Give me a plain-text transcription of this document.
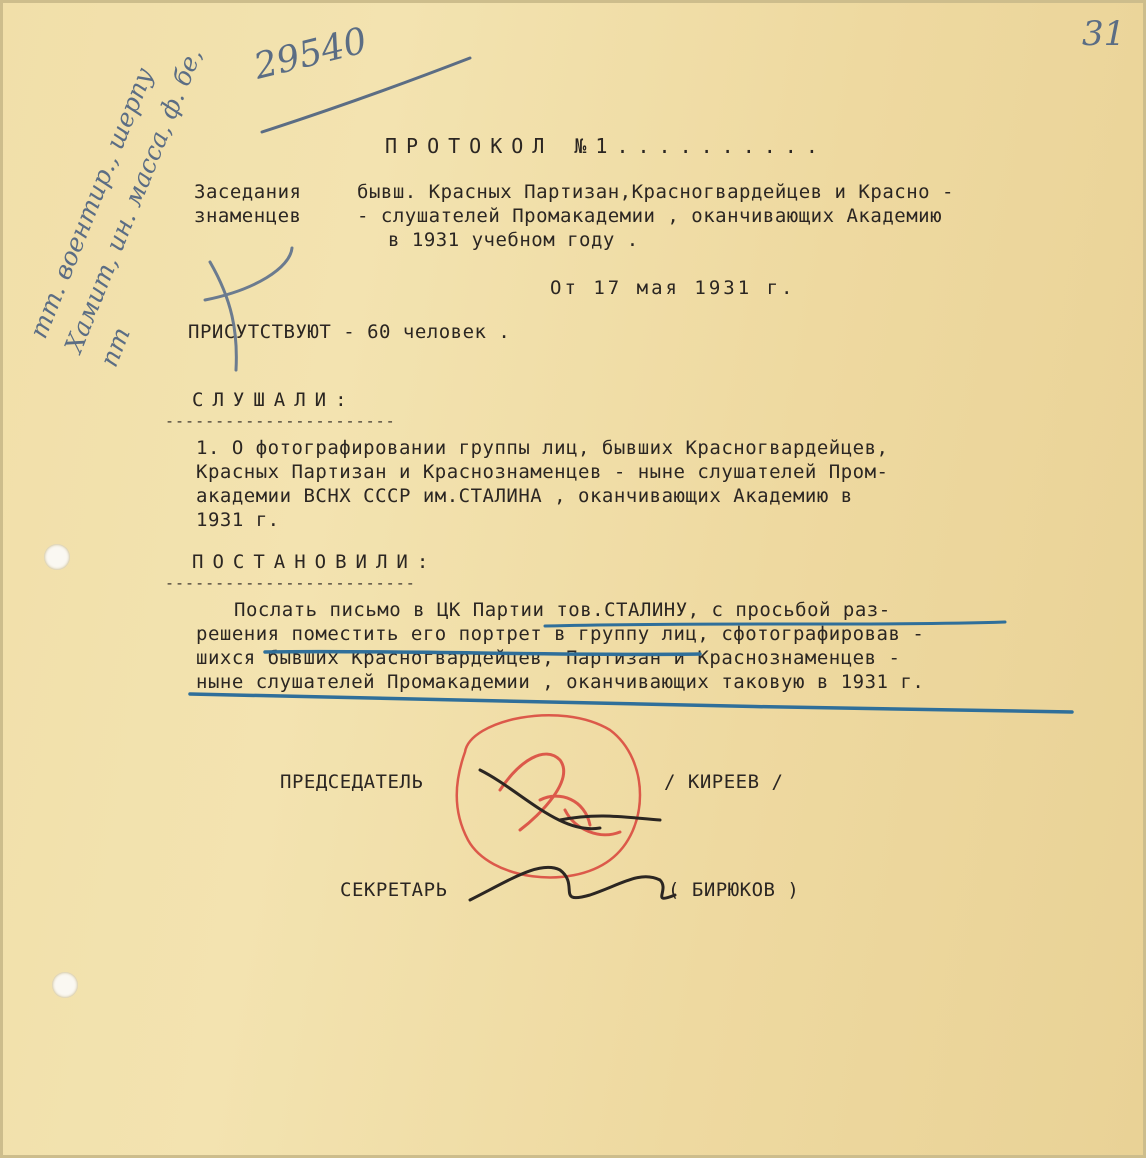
31
29540
тт. воентир., шерпу Хамит, ин. масса, ф. бе, пт
ПРОТОКОЛ №1..........
Заседания
знаменцев
бывш. Красных Партизан,Красногвардейцев и Красно -
- слушателей Промакадемии , оканчивающих Академию
в 1931 учебном году .
От 17 мая 1931 г.
ПРИСУТСТВУЮТ - 60 человек .
СЛУШАЛИ:
-----------------------
1. О фотографировании группы лиц, бывших Красногвардейцев,
Красных Партизан и Краснознаменцев - ныне слушателей Пром-
академии ВСНХ СССР им.СТАЛИНА , оканчивающих Академию в
1931 г.
ПОСТАНОВИЛИ:
-------------------------
Послать письмо в ЦК Партии тов.СТАЛИНУ, с просьбой раз-
решения поместить его портрет в группу лиц, сфотографировав -
шихся бывших Красногвардейцев, Партизан и Краснознаменцев -
ныне слушателей Промакадемии , оканчивающих таковую в 1931 г.
ПРЕДСЕДАТЕЛЬ	/ КИРЕЕВ /
СЕКРЕТАРЬ	( БИРЮКОВ )
